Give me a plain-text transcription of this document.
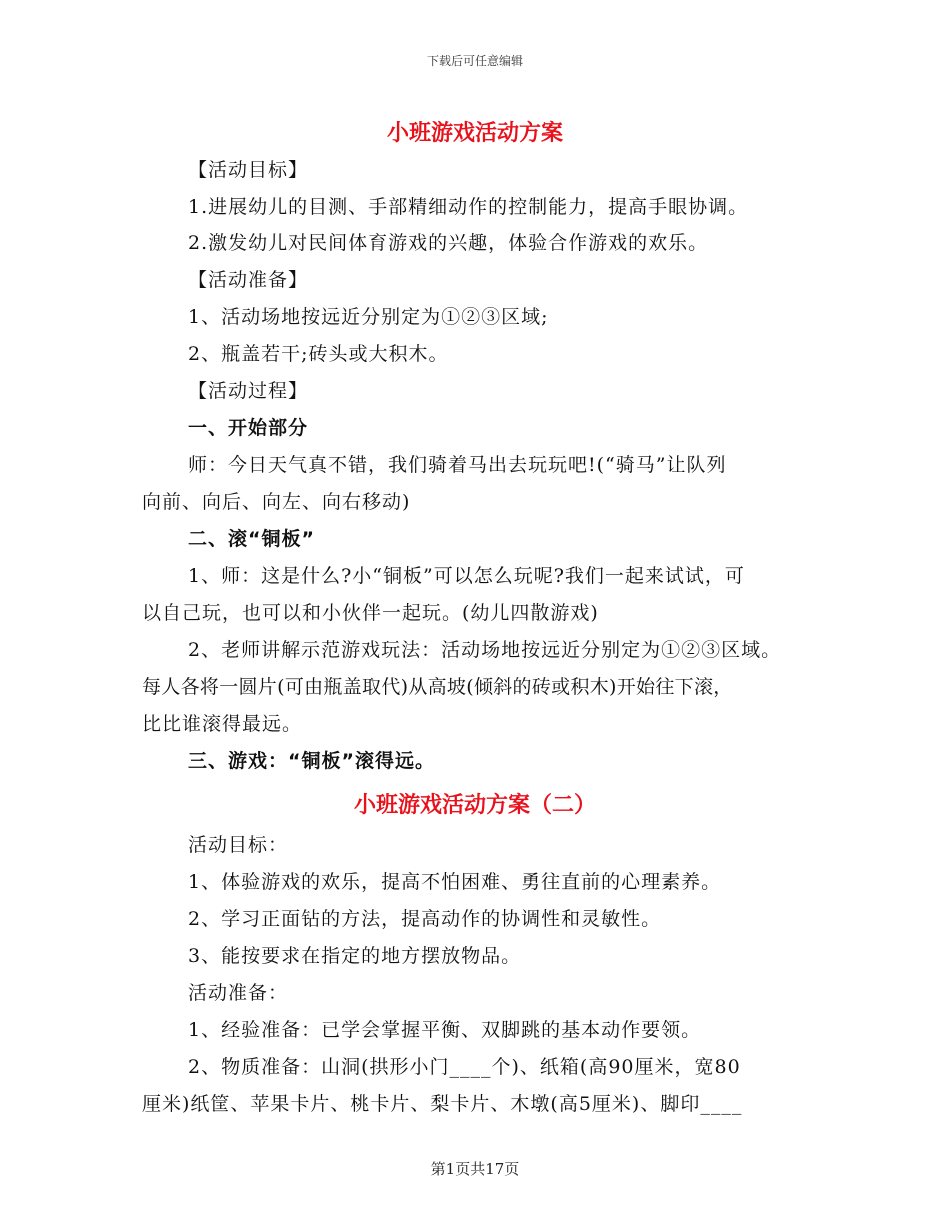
下载后可任意编辑
小班游戏活动方案
【活动目标】
1.进展幼儿的目测、手部精细动作的控制能力，提高手眼协调。
2.激发幼儿对民间体育游戏的兴趣，体验合作游戏的欢乐。
【活动准备】
1、活动场地按远近分别定为①②③区域;
2、瓶盖若干;砖头或大积木。
【活动过程】
一、开始部分
师：今日天气真不错，我们骑着马出去玩玩吧!(“骑马”让队列
向前、向后、向左、向右移动)
二、滚“铜板”
1、师：这是什么?小“铜板”可以怎么玩呢?我们一起来试试，可
以自己玩，也可以和小伙伴一起玩。(幼儿四散游戏)
2、老师讲解示范游戏玩法：活动场地按远近分别定为①②③区域。
每人各将一圆片(可由瓶盖取代)从高坡(倾斜的砖或积木)开始往下滚，
比比谁滚得最远。
三、游戏：“铜板”滚得远。
小班游戏活动方案（二）
活动目标：
1、体验游戏的欢乐，提高不怕困难、勇往直前的心理素养。
2、学习正面钻的方法，提高动作的协调性和灵敏性。
3、能按要求在指定的地方摆放物品。
活动准备：
1、经验准备：已学会掌握平衡、双脚跳的基本动作要领。
2、物质准备：山洞(拱形小门____个)、纸箱(高90厘米，宽80
厘米)纸筐、苹果卡片、桃卡片、梨卡片、木墩(高5厘米)、脚印____
第1页共17页
